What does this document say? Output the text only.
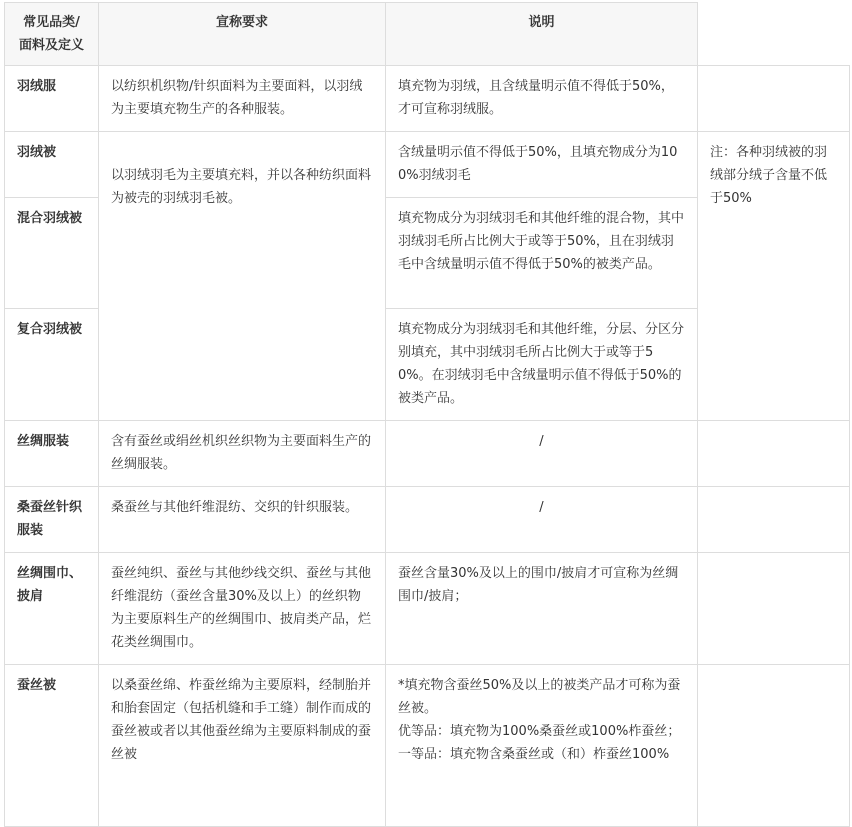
常见品类/面料及定义	宣称要求	说明	
羽绒服	以纺织机织物/针织面料为主要面料，以羽绒为主要填充物生产的各种服装。	填充物为羽绒，且含绒量明示值不得低于50%，才可宣称羽绒服。	
羽绒被	以羽绒羽毛为主要填充料，并以各种纺织面料为被壳的羽绒羽毛被。	含绒量明示值不得低于50%，且填充物成分为100%羽绒羽毛	注：各种羽绒被的羽绒部分绒子含量不低于50%
混合羽绒被		填充物成分为羽绒羽毛和其他纤维的混合物，其中羽绒羽毛所占比例大于或等于50%，且在羽绒羽毛中含绒量明示值不得低于50%的被类产品。	
复合羽绒被		填充物成分为羽绒羽毛和其他纤维，分层、分区分别填充，其中羽绒羽毛所占比例大于或等于50%。在羽绒羽毛中含绒量明示值不得低于50%的被类产品。	
丝绸服装	含有蚕丝或绢丝机织丝织物为主要面料生产的丝绸服装。	/	
桑蚕丝针织服装	桑蚕丝与其他纤维混纺、交织的针织服装。	/	
丝绸围巾、披肩	蚕丝纯织、蚕丝与其他纱线交织、蚕丝与其他纤维混纺（蚕丝含量30%及以上）的丝织物为主要原料生产的丝绸围巾、披肩类产品，烂花类丝绸围巾。	蚕丝含量30%及以上的围巾/披肩才可宣称为丝绸围巾/披肩；	
蚕丝被	以桑蚕丝绵、柞蚕丝绵为主要原料，经制胎并和胎套固定（包括机缝和手工缝）制作而成的蚕丝被或者以其他蚕丝绵为主要原料制成的蚕丝被	*填充物含蚕丝50%及以上的被类产品才可称为蚕丝被。
优等品：填充物为100%桑蚕丝或100%柞蚕丝；
一等品：填充物含桑蚕丝或（和）柞蚕丝100%	
